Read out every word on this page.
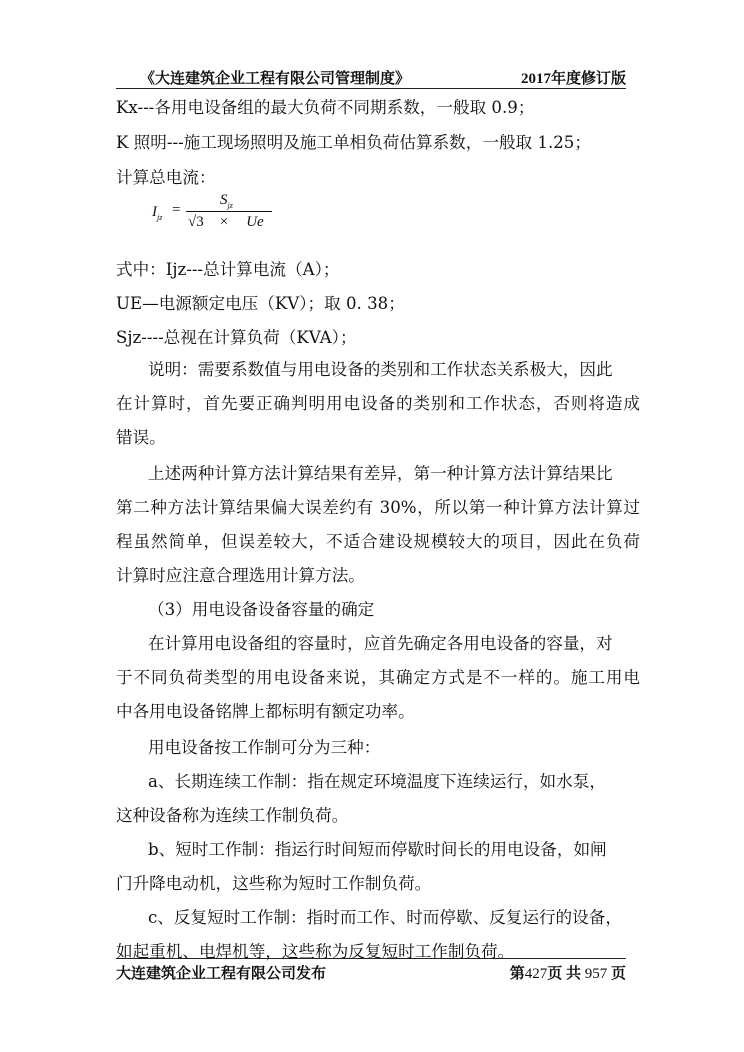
《大连建筑企业工程有限公司管理制度》	2017年度修订版
Kx---各用电设备组的最大负荷不同期系数，一般取 0.9；
K 照明---施工现场照明及施工单相负荷估算系数，一般取 1.25；
计算总电流：
$I_{jz}$ =
$S_{jz}$
√3 × Ue
式中：Ijz---总计算电流（A）；
UE—电源额定电压（KV）；取 0. 38；
Sjz----总视在计算负荷（KVA）；
说明：需要系数值与用电设备的类别和工作状态关系极大，因此
在计算时，首先要正确判明用电设备的类别和工作状态，否则将造成
错误。
上述两种计算方法计算结果有差异，第一种计算方法计算结果比
第二种方法计算结果偏大误差约有 30%，所以第一种计算方法计算过
程虽然简单，但误差较大，不适合建设规模较大的项目，因此在负荷
计算时应注意合理选用计算方法。
（3）用电设备设备容量的确定
在计算用电设备组的容量时，应首先确定各用电设备的容量，对
于不同负荷类型的用电设备来说，其确定方式是不一样的。施工用电
中各用电设备铭牌上都标明有额定功率。
用电设备按工作制可分为三种：
a、长期连续工作制：指在规定环境温度下连续运行，如水泵，
这种设备称为连续工作制负荷。
b、短时工作制：指运行时间短而停歇时间长的用电设备，如闸
门升降电动机，这些称为短时工作制负荷。
c、反复短时工作制：指时而工作、时而停歇、反复运行的设备，
如起重机、电焊机等，这些称为反复短时工作制负荷。
大连建筑企业工程有限公司发布	第427页 共 957 页
